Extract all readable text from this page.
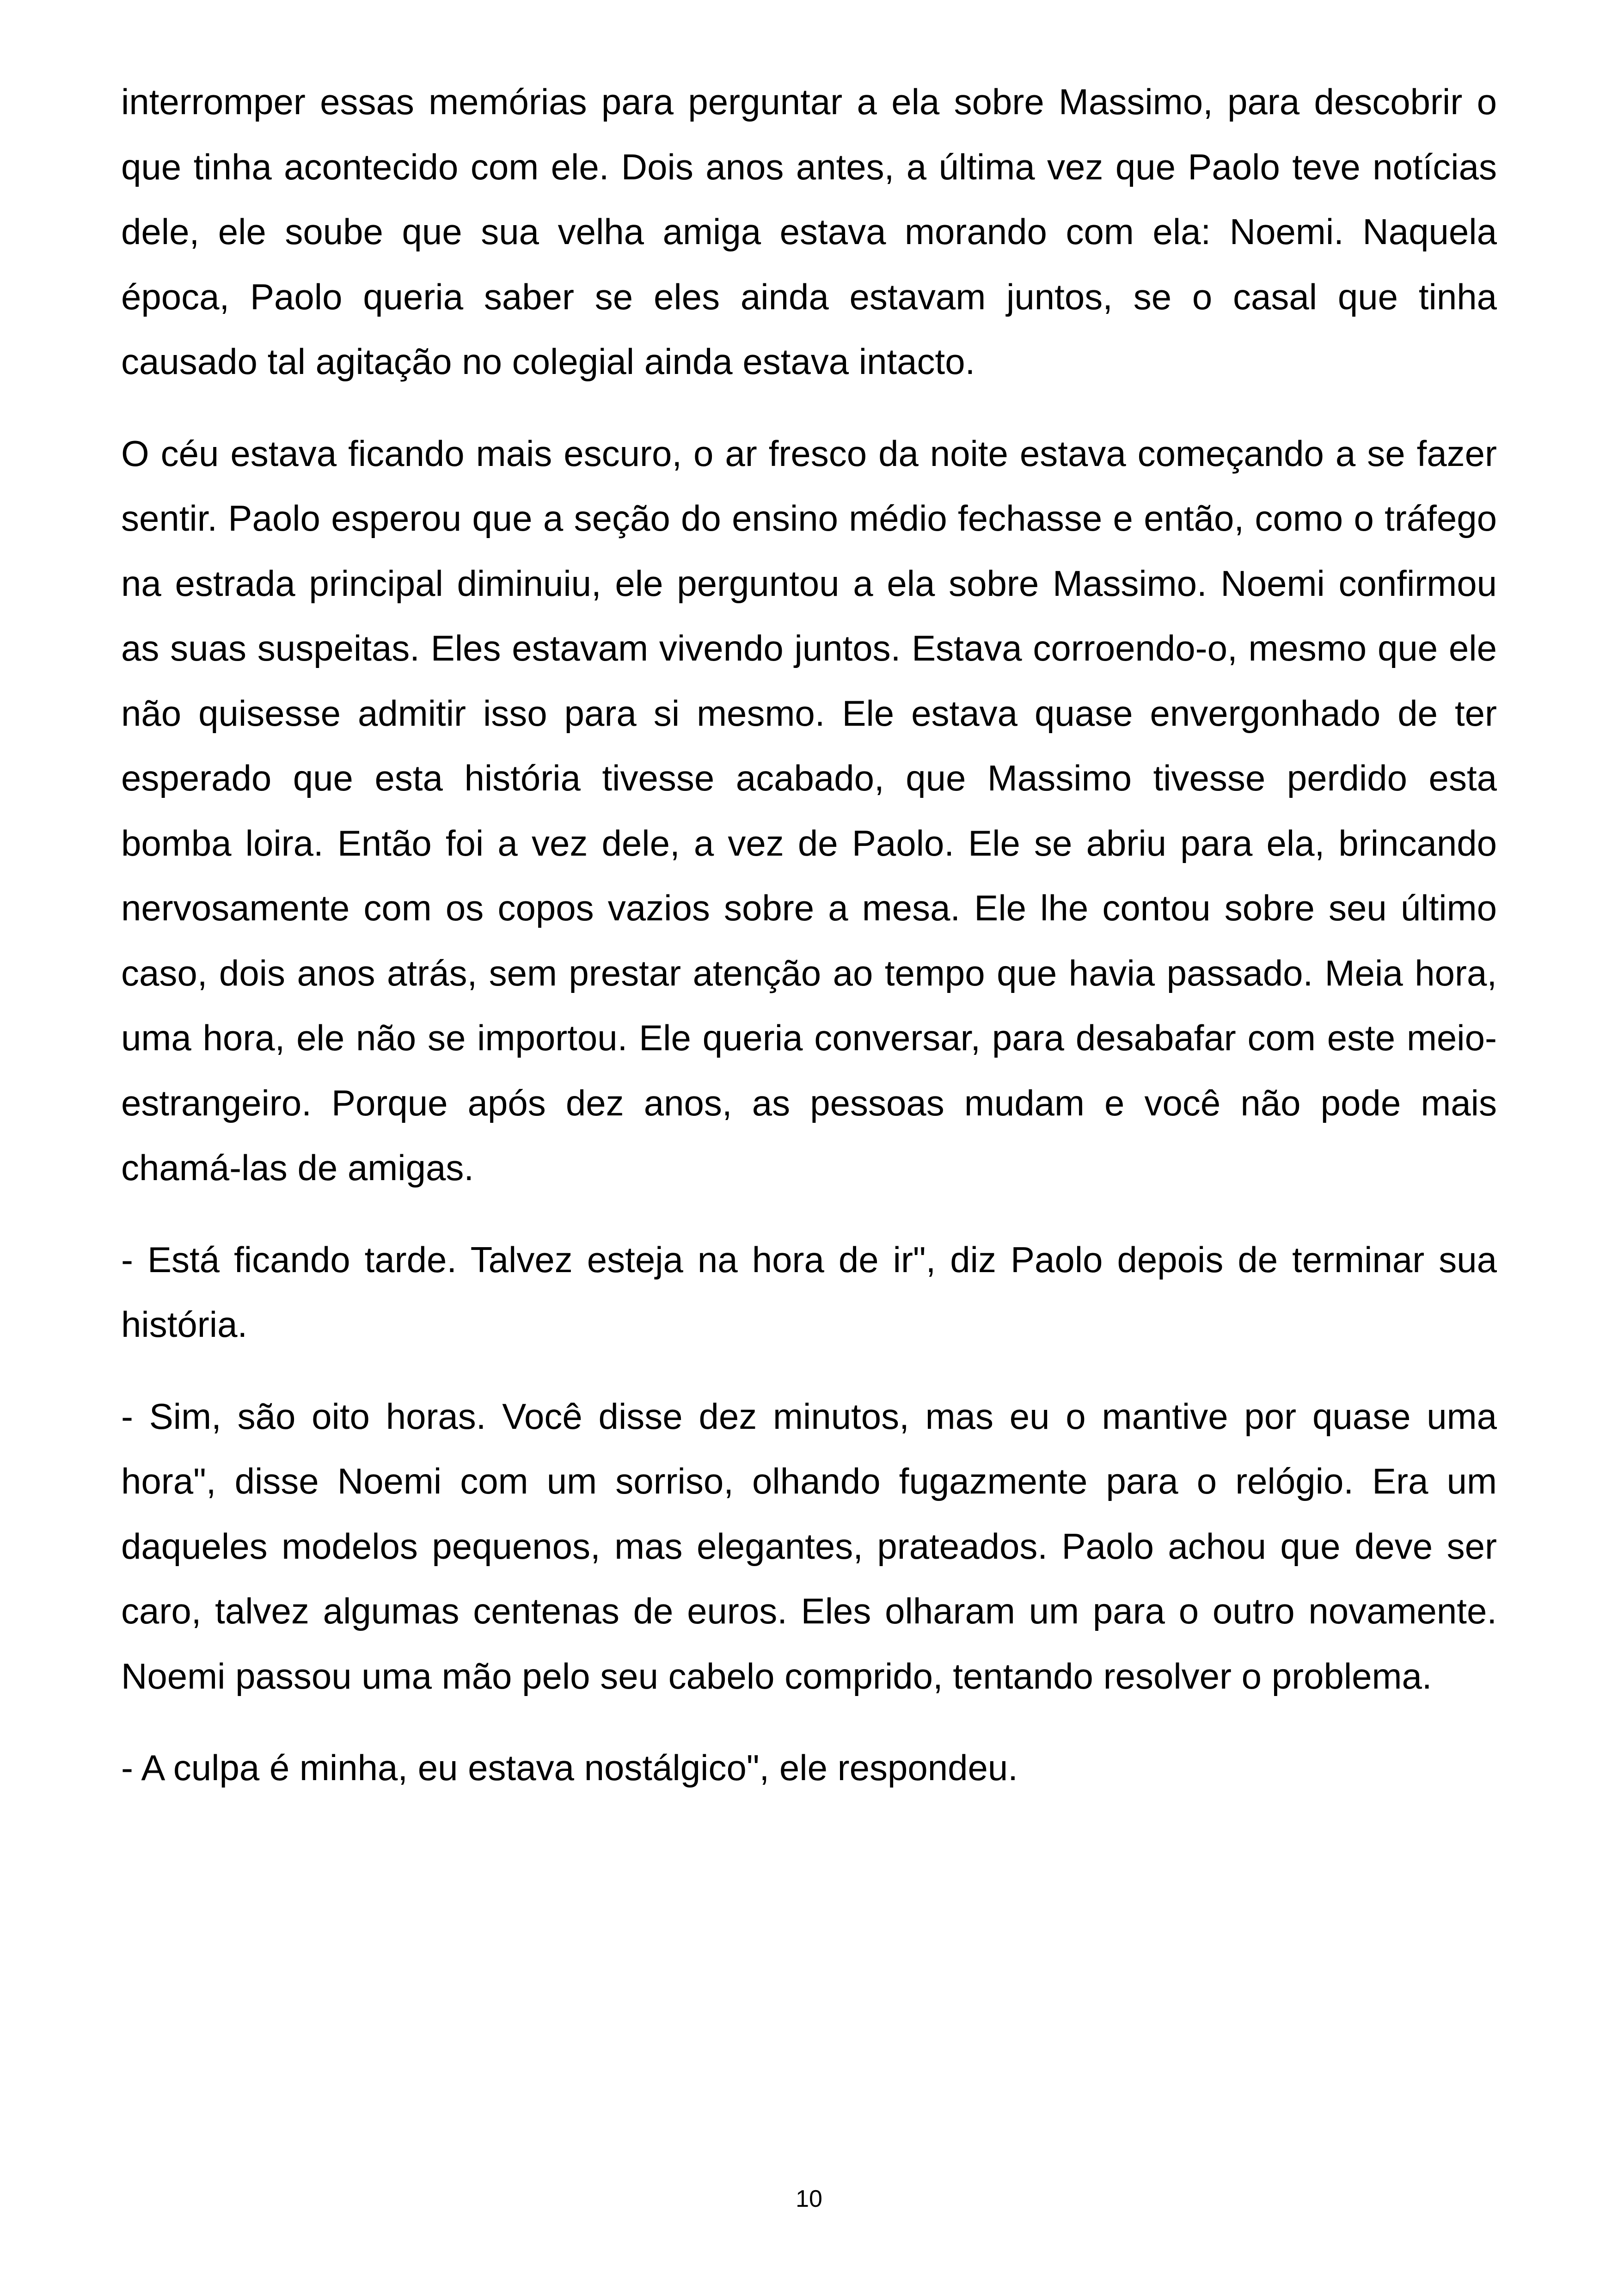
interromper essas memórias para perguntar a ela sobre Massimo, para descobrir o que tinha acontecido com ele. Dois anos antes, a última vez que Paolo teve notícias dele, ele soube que sua velha amiga estava morando com ela: Noemi. Naquela época, Paolo queria saber se eles ainda estavam juntos, se o casal que tinha causado tal agitação no colegial ainda estava intacto.

O céu estava ficando mais escuro, o ar fresco da noite estava começando a se fazer sentir. Paolo esperou que a seção do ensino médio fechasse e então, como o tráfego na estrada principal diminuiu, ele perguntou a ela sobre Massimo. Noemi confirmou as suas suspeitas. Eles estavam vivendo juntos. Estava corroendo-o, mesmo que ele não quisesse admitir isso para si mesmo. Ele estava quase envergonhado de ter esperado que esta história tivesse acabado, que Massimo tivesse perdido esta bomba loira. Então foi a vez dele, a vez de Paolo. Ele se abriu para ela, brincando nervosamente com os copos vazios sobre a mesa. Ele lhe contou sobre seu último caso, dois anos atrás, sem prestar atenção ao tempo que havia passado. Meia hora, uma hora, ele não se importou. Ele queria conversar, para desabafar com este meio-estrangeiro. Porque após dez anos, as pessoas mudam e você não pode mais chamá-las de amigas.

- Está ficando tarde. Talvez esteja na hora de ir", diz Paolo depois de terminar sua história.

- Sim, são oito horas. Você disse dez minutos, mas eu o mantive por quase uma hora", disse Noemi com um sorriso, olhando fugazmente para o relógio. Era um daqueles modelos pequenos, mas elegantes, prateados. Paolo achou que deve ser caro, talvez algumas centenas de euros. Eles olharam um para o outro novamente. Noemi passou uma mão pelo seu cabelo comprido, tentando resolver o problema.

- A culpa é minha, eu estava nostálgico", ele respondeu.

10
